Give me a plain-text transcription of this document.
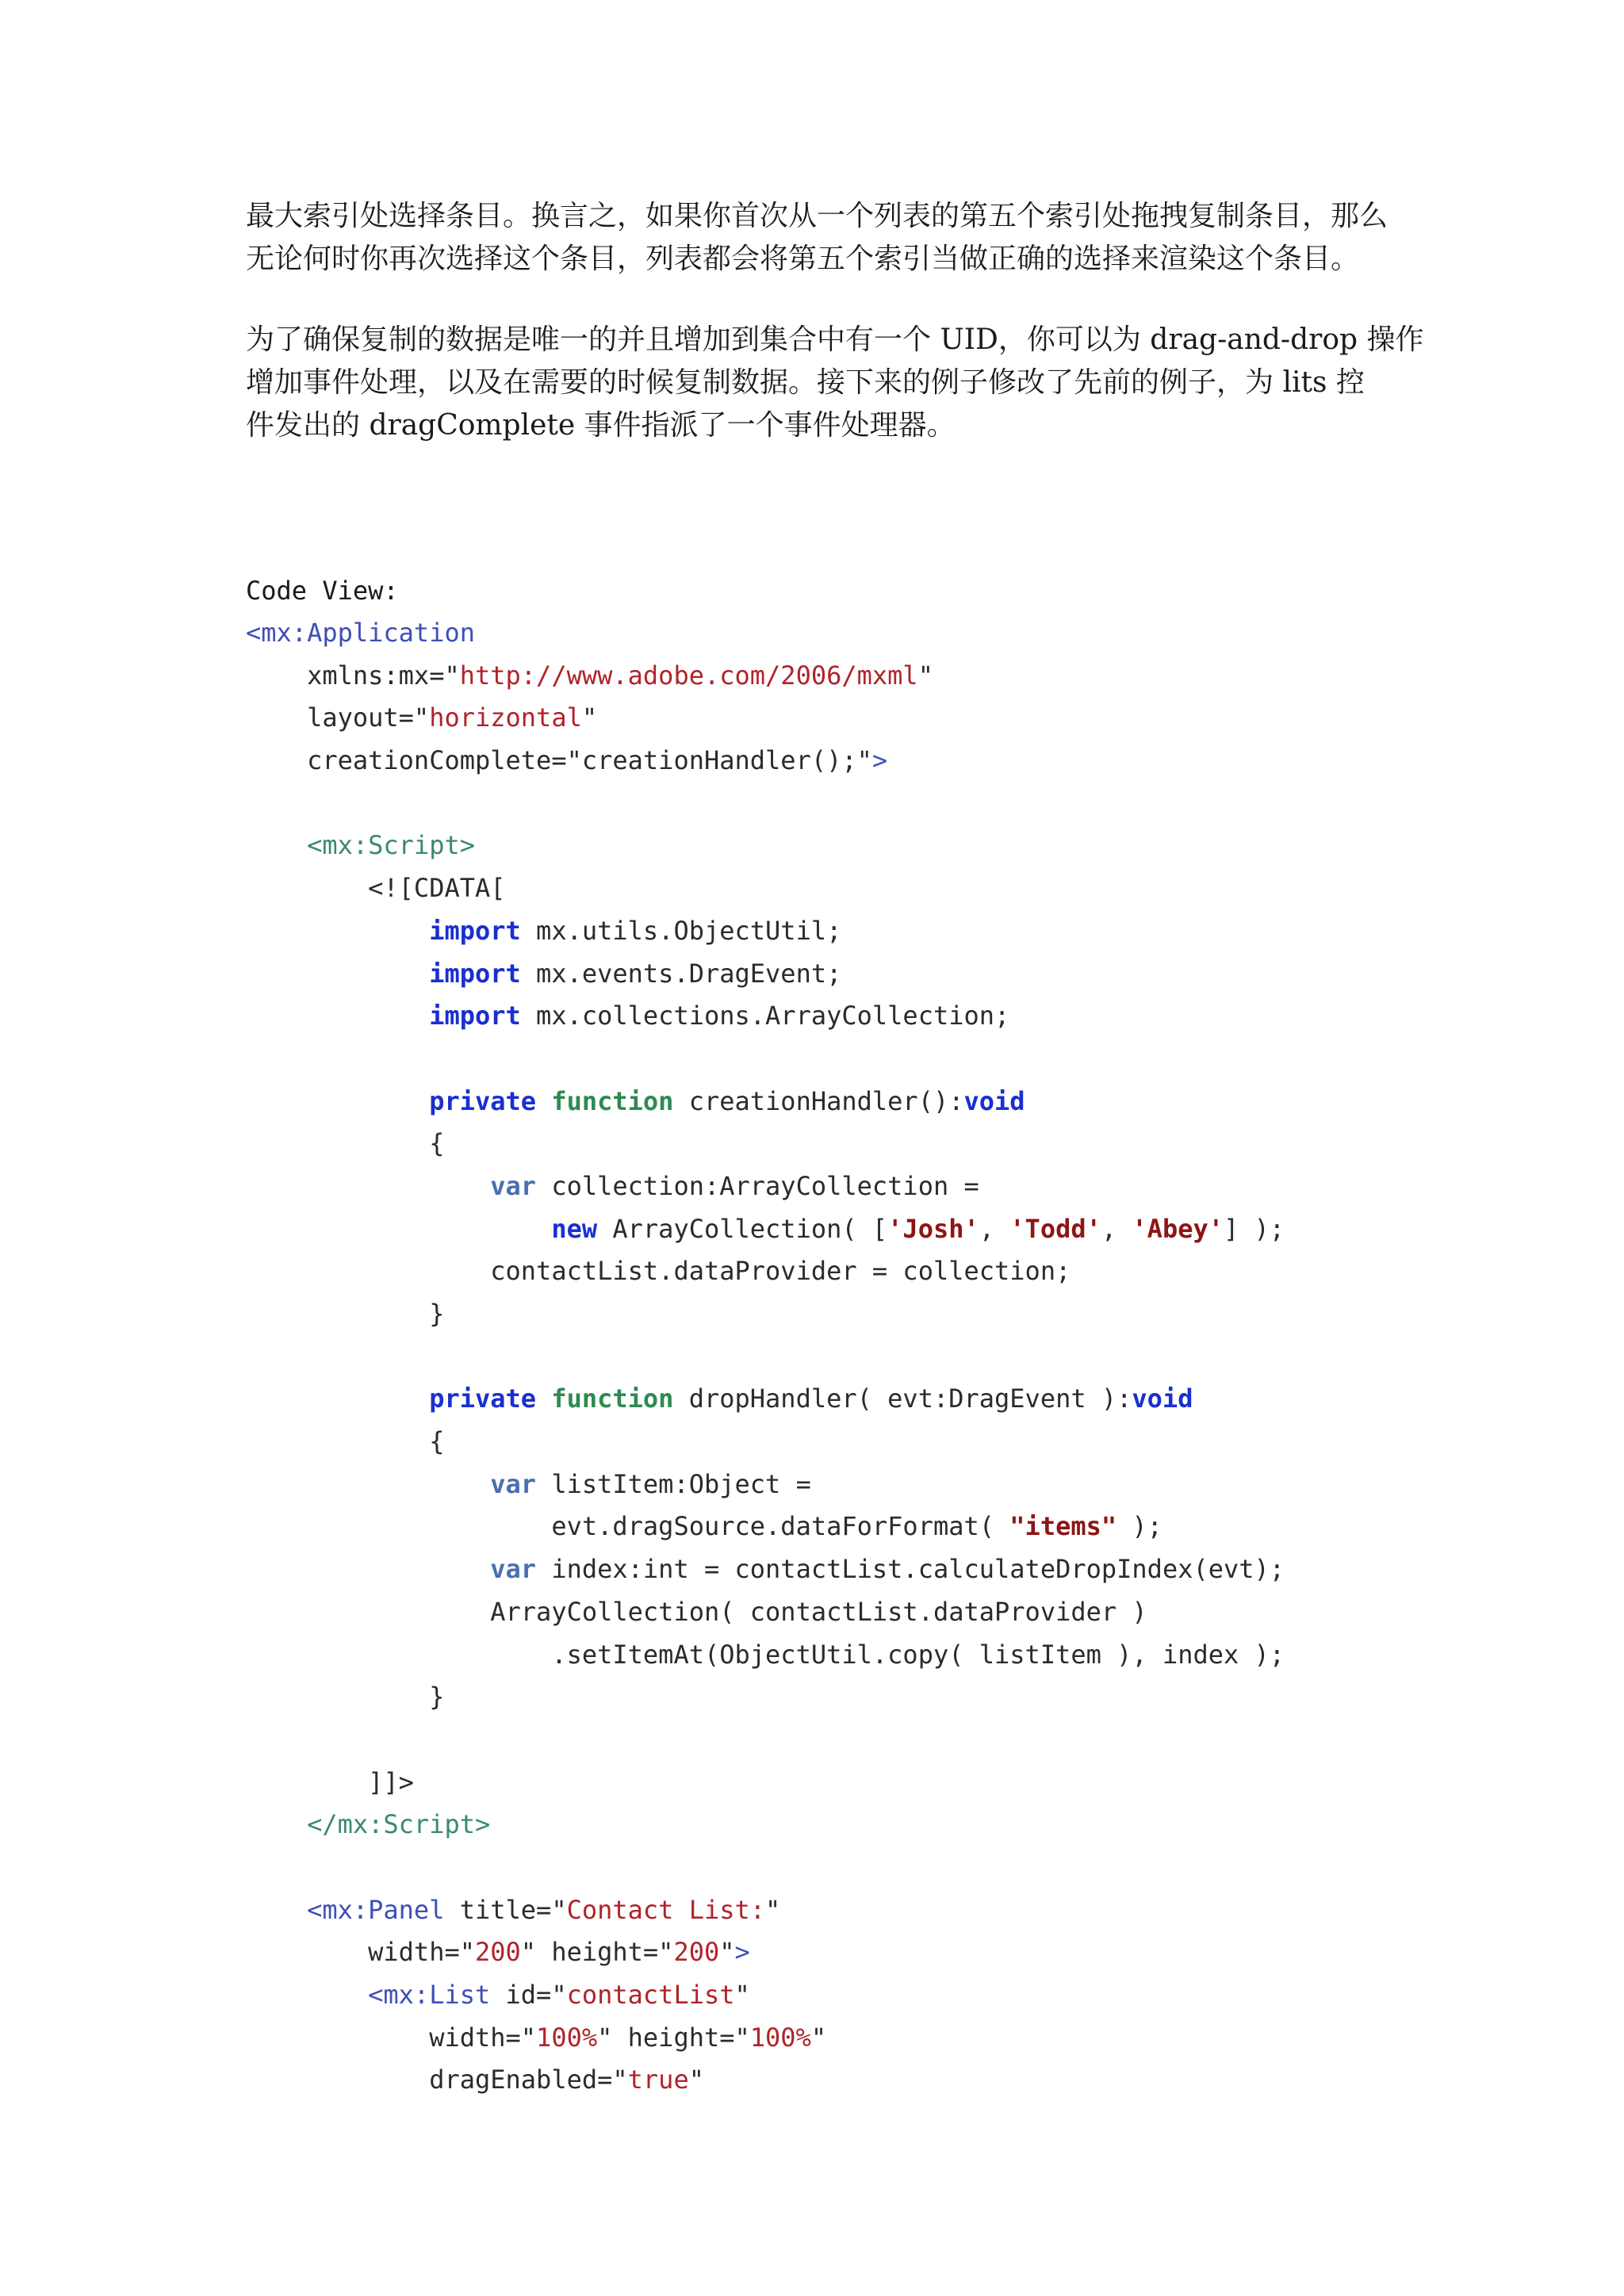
最大索引处选择条目。换言之，如果你首次从一个列表的第五个索引处拖拽复制条目，那么
无论何时你再次选择这个条目，列表都会将第五个索引当做正确的选择来渲染这个条目。
为了确保复制的数据是唯一的并且增加到集合中有一个 UID，你可以为 drag-and-drop 操作
增加事件处理，以及在需要的时候复制数据。接下来的例子修改了先前的例子，为 lits 控
件发出的 dragComplete 事件指派了一个事件处理器。
Code View:
<mx:Application
xmlns:mx="http://www.adobe.com/2006/mxml"
layout="horizontal"
creationComplete="creationHandler();">
<mx:Script>
<![CDATA[
import mx.utils.ObjectUtil;
import mx.events.DragEvent;
import mx.collections.ArrayCollection;
private function creationHandler():void
{
var collection:ArrayCollection =
new ArrayCollection( ['Josh', 'Todd', 'Abey'] );
contactList.dataProvider = collection;
}
private function dropHandler( evt:DragEvent ):void
{
var listItem:Object =
evt.dragSource.dataForFormat( "items" );
var index:int = contactList.calculateDropIndex(evt);
ArrayCollection( contactList.dataProvider )
.setItemAt(ObjectUtil.copy( listItem ), index );
}
]]>
</mx:Script>
<mx:Panel title="Contact List:"
width="200" height="200">
<mx:List id="contactList"
width="100%" height="100%"
dragEnabled="true"
